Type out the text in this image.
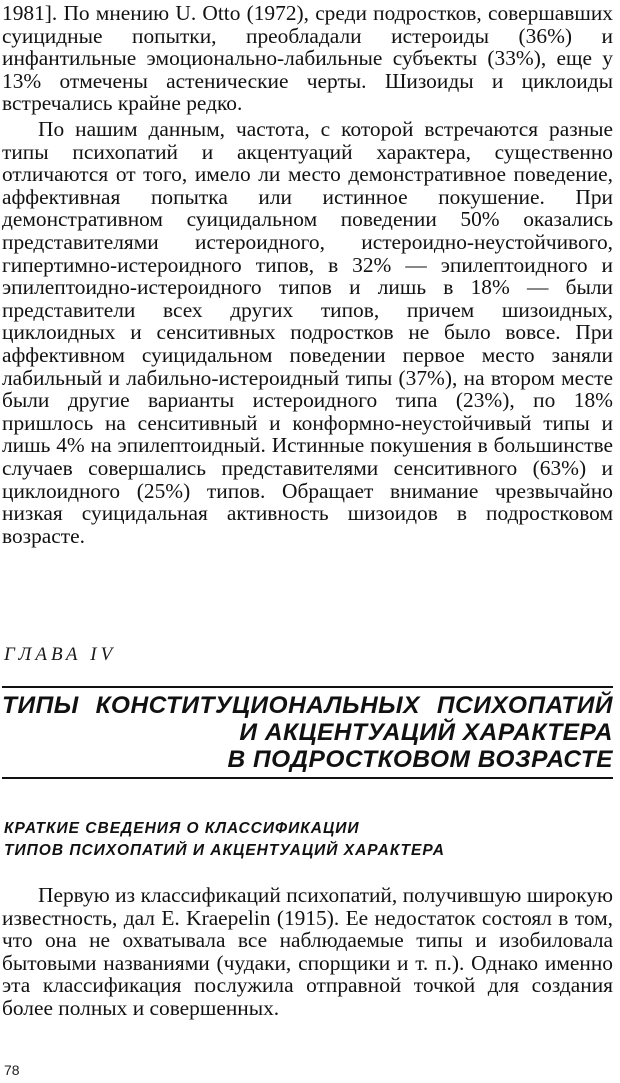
1981]. По мнению U. Otto (1972), среди подростков, совершавших суицидные попытки, преобладали истероиды (36%) и инфантильные эмоционально-лабильные субъекты (33%), еще у 13% отмечены астенические черты. Шизоиды и циклоиды встречались крайне редко.

По нашим данным, частота, с которой встречаются разные типы психопатий и акцентуаций характера, существенно отличаются от того, имело ли место демонстративное поведение, аффективная попытка или истинное покушение. При демонстративном суицидальном поведении 50% оказались представителями истероидного, истероидно-неустойчивого, гипертимно-истероидного типов, в 32% — эпилептоидного и эпилептоидно-истероидного типов и лишь в 18% — были представители всех других типов, причем шизоидных, циклоидных и сенситивных подростков не было вовсе. При аффективном суицидальном поведении первое место заняли лабильный и лабильно-истероидный типы (37%), на втором месте были другие варианты истероидного типа (23%), по 18% пришлось на сенситивный и конформно-неустойчивый типы и лишь 4% на эпилептоидный. Истинные покушения в большинстве случаев совершались представителями сенситивного (63%) и циклоидного (25%) типов. Обращает внимание чрезвычайно низкая суицидальная активность шизоидов в подростковом возрасте.

ГЛАВА IV
ТИПЫ КОНСТИТУЦИОНАЛЬНЫХ ПСИХОПАТИЙ
И АКЦЕНТУАЦИЙ ХАРАКТЕРА
В ПОДРОСТКОВОМ ВОЗРАСТЕ
КРАТКИЕ СВЕДЕНИЯ О КЛАССИФИКАЦИИ
ТИПОВ ПСИХОПАТИЙ И АКЦЕНТУАЦИЙ ХАРАКТЕРА

Первую из классификаций психопатий, получившую широкую известность, дал E. Kraepelin (1915). Ее недостаток состоял в том, что она не охватывала все наблюдаемые типы и изобиловала бытовыми названиями (чудаки, спорщики и т. п.). Однако именно эта классификация послужила отправной точкой для создания более полных и совершенных.

78
